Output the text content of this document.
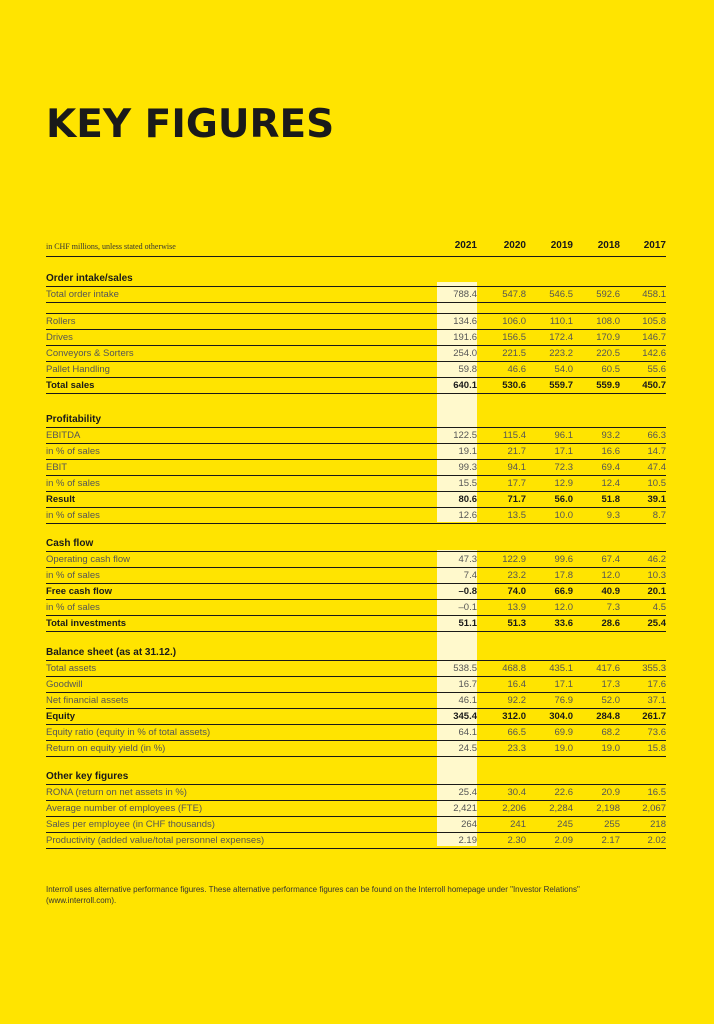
KEY FIGURES
in CHF millions, unless stated otherwise	2021	2020	2019	2018	2017
Order intake/sales
Total order intake	788.4	547.8	546.5	592.6	458.1
Rollers	134.6	106.0	110.1	108.0	105.8
Drives	191.6	156.5	172.4	170.9	146.7
Conveyors & Sorters	254.0	221.5	223.2	220.5	142.6
Pallet Handling	59.8	46.6	54.0	60.5	55.6
Total sales	640.1	530.6	559.7	559.9	450.7
Profitability
EBITDA	122.5	115.4	96.1	93.2	66.3
in % of sales	19.1	21.7	17.1	16.6	14.7
EBIT	99.3	94.1	72.3	69.4	47.4
in % of sales	15.5	17.7	12.9	12.4	10.5
Result	80.6	71.7	56.0	51.8	39.1
in % of sales	12.6	13.5	10.0	9.3	8.7
Cash flow
Operating cash flow	47.3	122.9	99.6	67.4	46.2
in % of sales	7.4	23.2	17.8	12.0	10.3
Free cash flow	–0.8	74.0	66.9	40.9	20.1
in % of sales	–0.1	13.9	12.0	7.3	4.5
Total investments	51.1	51.3	33.6	28.6	25.4
Balance sheet (as at 31.12.)
Total assets	538.5	468.8	435.1	417.6	355.3
Goodwill	16.7	16.4	17.1	17.3	17.6
Net financial assets	46.1	92.2	76.9	52.0	37.1
Equity	345.4	312.0	304.0	284.8	261.7
Equity ratio (equity in % of total assets)	64.1	66.5	69.9	68.2	73.6
Return on equity yield (in %)	24.5	23.3	19.0	19.0	15.8
Other key figures
RONA (return on net assets in %)	25.4	30.4	22.6	20.9	16.5
Average number of employees (FTE)	2,421	2,206	2,284	2,198	2,067
Sales per employee (in CHF thousands)	264	241	245	255	218
Productivity (added value/total personnel expenses)	2.19	2.30	2.09	2.17	2.02
Interroll uses alternative performance figures. These alternative performance figures can be found on the Interroll homepage under "Investor Relations" (www.interroll.com).
